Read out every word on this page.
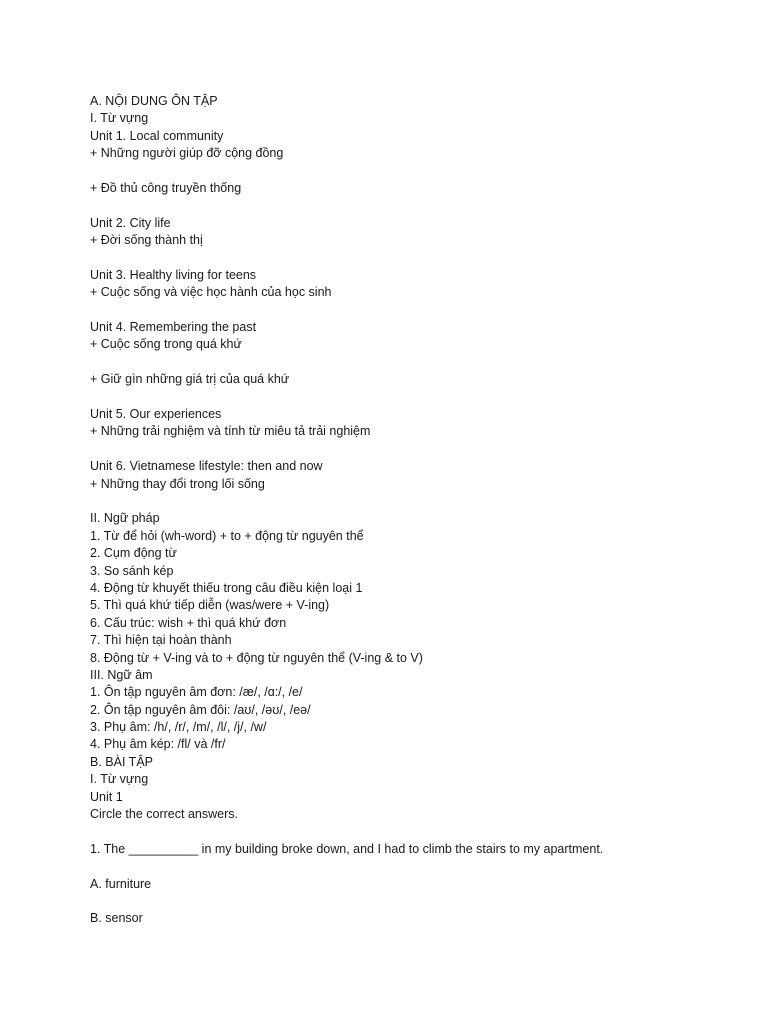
A. NỘI DUNG ÔN TẬP
I. Từ vựng
Unit 1. Local community
+ Những người giúp đỡ cộng đồng
+ Đồ thủ công truyền thống
Unit 2. City life
+ Đời sống thành thị
Unit 3. Healthy living for teens
+ Cuộc sống và việc học hành của học sinh
Unit 4. Remembering the past
+ Cuộc sống trong quá khứ
+ Giữ gìn những giá trị của quá khứ
Unit 5. Our experiences
+ Những trải nghiệm và tính từ miêu tả trải nghiệm
Unit 6. Vietnamese lifestyle: then and now
+ Những thay đổi trong lối sống
II. Ngữ pháp
1. Từ để hỏi (wh-word) + to + động từ nguyên thể
2. Cụm động từ
3. So sánh kép
4. Động từ khuyết thiếu trong câu điều kiện loại 1
5. Thì quá khứ tiếp diễn (was/were + V-ing)
6. Cấu trúc: wish + thì quá khứ đơn
7. Thì hiện tại hoàn thành
8. Động từ + V-ing và to + động từ nguyên thể (V-ing & to V)
III. Ngữ âm
1. Ôn tập nguyên âm đơn: /æ/, /ɑ:/, /e/
2. Ôn tập nguyên âm đôi: /aʊ/, /əʊ/, /eə/
3. Phụ âm: /h/, /r/, /m/, /l/, /j/, /w/
4. Phụ âm kép: /fl/ và /fr/
B. BÀI TẬP
I. Từ vựng
Unit 1
Circle the correct answers.
1. The __________ in my building broke down, and I had to climb the stairs to my apartment.
A. furniture
B. sensor
